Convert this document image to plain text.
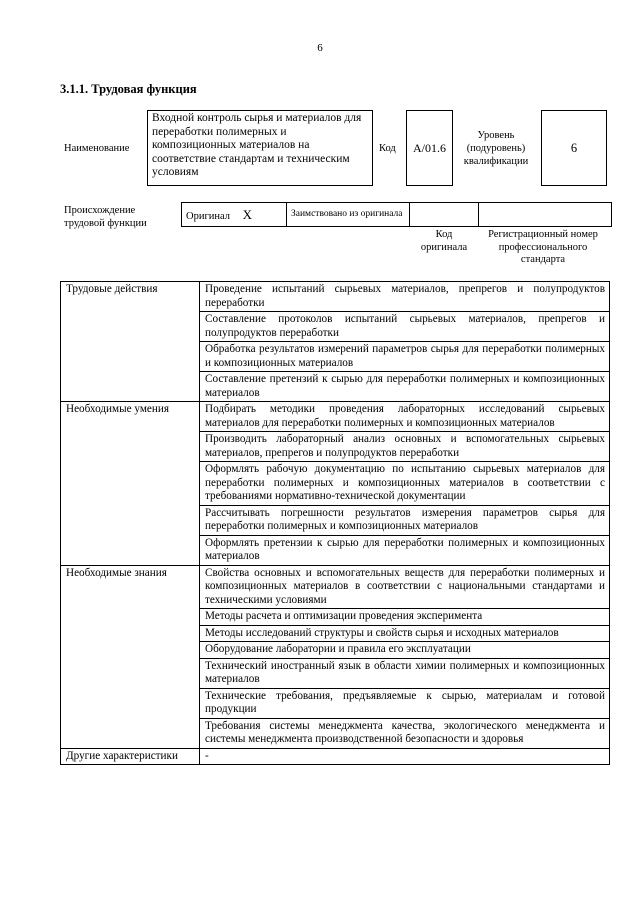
6
3.1.1. Трудовая функция
Наименование
Входной контроль сырья и материалов для переработки полимерных и композиционных материалов на соответствие стандартам и техническим условиям
Код	А/01.6
Уровень (подуровень) квалификации
6
Происхождение трудовой функции
Оригинал X	Заимствовано из оригинала		
Код оригинала
Регистрационный номер профессионального стандарта
Трудовые действия	Проведение испытаний сырьевых материалов, препрегов и полупродуктов переработки
	Составление протоколов испытаний сырьевых материалов, препрегов и полупродуктов переработки
	Обработка результатов измерений параметров сырья для переработки полимерных и композиционных материалов
	Составление претензий к сырью для переработки полимерных и композиционных материалов
Необходимые умения	Подбирать методики проведения лабораторных исследований сырьевых материалов для переработки полимерных и композиционных материалов
	Производить лабораторный анализ основных и вспомогательных сырьевых материалов, препрегов и полупродуктов переработки
	Оформлять рабочую документацию по испытанию сырьевых материалов для переработки полимерных и композиционных материалов в соответствии с требованиями нормативно-технической документации
	Рассчитывать погрешности результатов измерения параметров сырья для переработки полимерных и композиционных материалов
	Оформлять претензии к сырью для переработки полимерных и композиционных материалов
Необходимые знания	Свойства основных и вспомогательных веществ для переработки полимерных и композиционных материалов в соответствии с национальными стандартами и техническими условиями
	Методы расчета и оптимизации проведения эксперимента
	Методы исследований структуры и свойств сырья и исходных материалов
	Оборудование лаборатории и правила его эксплуатации
	Технический иностранный язык в области химии полимерных и композиционных материалов
	Технические требования, предъявляемые к сырью, материалам и готовой продукции
	Требования системы менеджмента качества, экологического менеджмента и системы менеджмента производственной безопасности и здоровья
Другие характеристики	-
